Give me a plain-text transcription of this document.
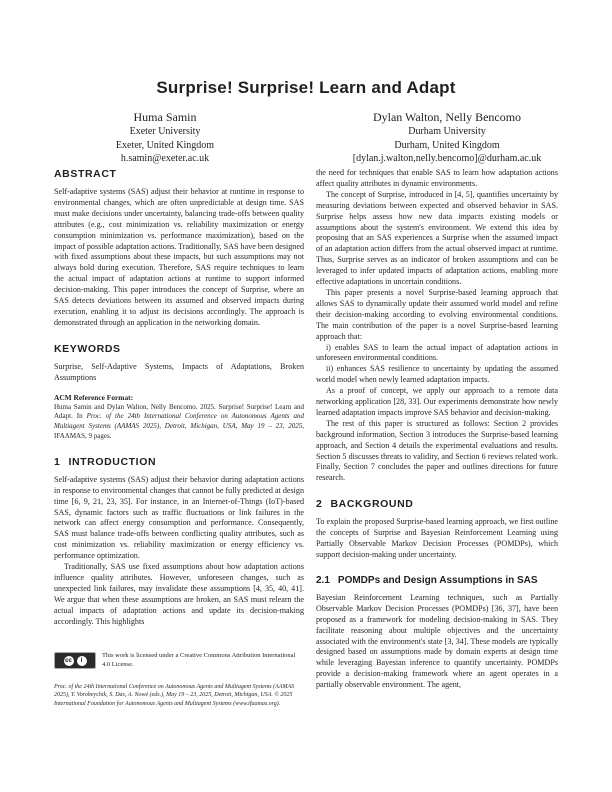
Surprise! Surprise! Learn and Adapt
Huma Samin
Exeter University
Exeter, United Kingdom
h.samin@exeter.ac.uk
Dylan Walton, Nelly Bencomo
Durham University
Durham, United Kingdom
[dylan.j.walton,nelly.bencomo]@durham.ac.uk
ABSTRACT

Self-adaptive systems (SAS) adjust their behavior at runtime in response to environmental changes, which are often unpredictable at design time. SAS must make decisions under uncertainty, balancing trade-offs between quality attributes (e.g., cost minimization vs. reliability maximization or energy consumption minimization vs. performance maximization), based on the impact of possible adaptation actions. Traditionally, SAS have been designed with fixed assumptions about these impacts, but such assumptions may not always hold during execution. Therefore, SAS require techniques to learn the actual impact of adaptation actions at runtime to support informed decision-making. This paper introduces the concept of Surprise, where an SAS detects deviations between its assumed and observed impacts during execution, enabling it to adjust its decisions accordingly. The approach is demonstrated through an application in the networking domain.

KEYWORDS

Surprise, Self-Adaptive Systems, Impacts of Adaptations, Broken Assumptions

ACM Reference Format:
Huma Samin and Dylan Walton, Nelly Bencomo. 2025. Surprise! Surprise! Learn and Adapt. In Proc. of the 24th International Conference on Autonomous Agents and Multiagent Systems (AAMAS 2025), Detroit, Michigan, USA, May 19 – 23, 2025, IFAAMAS, 9 pages.
1 INTRODUCTION

Self-adaptive systems (SAS) adjust their behavior during adaptation actions in response to environmental changes that cannot be fully predicted at design time [6, 9, 21, 23, 35]. For instance, in an Internet-of-Things (IoT)-based SAS, dynamic factors such as traffic fluctuations or link failures in the network can affect energy consumption and performance. Consequently, SAS must balance trade-offs between conflicting quality attributes, such as cost minimization vs. reliability maximization or energy efficiency vs. performance optimization.

Traditionally, SAS use fixed assumptions about how adaptation actions influence quality attributes. However, unforeseen changes, such as unexpected link failures, may invalidate these assumptions [4, 35, 40, 41]. We argue that when these assumptions are broken, an SAS must relearn the actual impacts of adaptation actions and update its decision-making accordingly. This highlights

cc	i
This work is licensed under a Creative Commons Attribution International 4.0 License.
Proc. of the 24th International Conference on Autonomous Agents and Multiagent Systems (AAMAS 2025), Y. Vorobeychik, S. Das, A. Nowé (eds.), May 19 – 23, 2025, Detroit, Michigan, USA. © 2025 International Foundation for Autonomous Agents and Multiagent Systems (www.ifaamas.org).

the need for techniques that enable SAS to learn how adaptation actions affect quality attributes in dynamic environments.

The concept of Surprise, introduced in [4, 5], quantifies uncertainty by measuring deviations between expected and observed behavior in SAS. Surprise helps assess how new data impacts existing models or assumptions about the system's environment. We extend this idea by proposing that an SAS experiences a Surprise when the assumed impact of an adaptation action differs from the actual observed impact at runtime. Thus, Surprise serves as an indicator of broken assumptions and can be leveraged to infer updated impacts of adaptation actions, enabling more effective adaptations in uncertain conditions.

This paper presents a novel Surprise-based learning approach that allows SAS to dynamically update their assumed world model and refine their decision-making according to evolving environmental conditions. The main contribution of the paper is a novel Surprise-based learning approach that:

i) enables SAS to learn the actual impact of adaptation actions in unforeseen environmental conditions.

ii) enhances SAS resilience to uncertainty by updating the assumed world model when newly learned adaptation impacts.

As a proof of concept, we apply our approach to a remote data networking application [28, 33]. Our experiments demonstrate how newly learned adaptation impacts improve SAS behavior and decision-making.

The rest of this paper is structured as follows: Section 2 provides background information, Section 3 introduces the Surprise-based learning approach, and Section 4 details the experimental evaluations and results. Section 5 discusses threats to validity, and Section 6 reviews related work. Finally, Section 7 concludes the paper and outlines directions for future research.

2 BACKGROUND

To explain the proposed Surprise-based learning approach, we first outline the concepts of Surprise and Bayesian Reinforcement Learning using Partially Observable Markov Decision Processes (POMDPs), which support decision-making under uncertainty.

2.1 POMDPs and Design Assumptions in SAS

Bayesian Reinforcement Learning techniques, such as Partially Observable Markov Decision Processes (POMDPs) [36, 37], have been proposed as a framework for modeling decision-making in SAS. They facilitate reasoning about multiple objectives and the uncertainty associated with the environment's state [3, 34]. These models are typically designed based on assumptions made by domain experts at design time while leveraging Bayesian inference to quantify uncertainty. POMDPs provide a decision-making framework where an agent operates in a partially observable environment. The agent,
